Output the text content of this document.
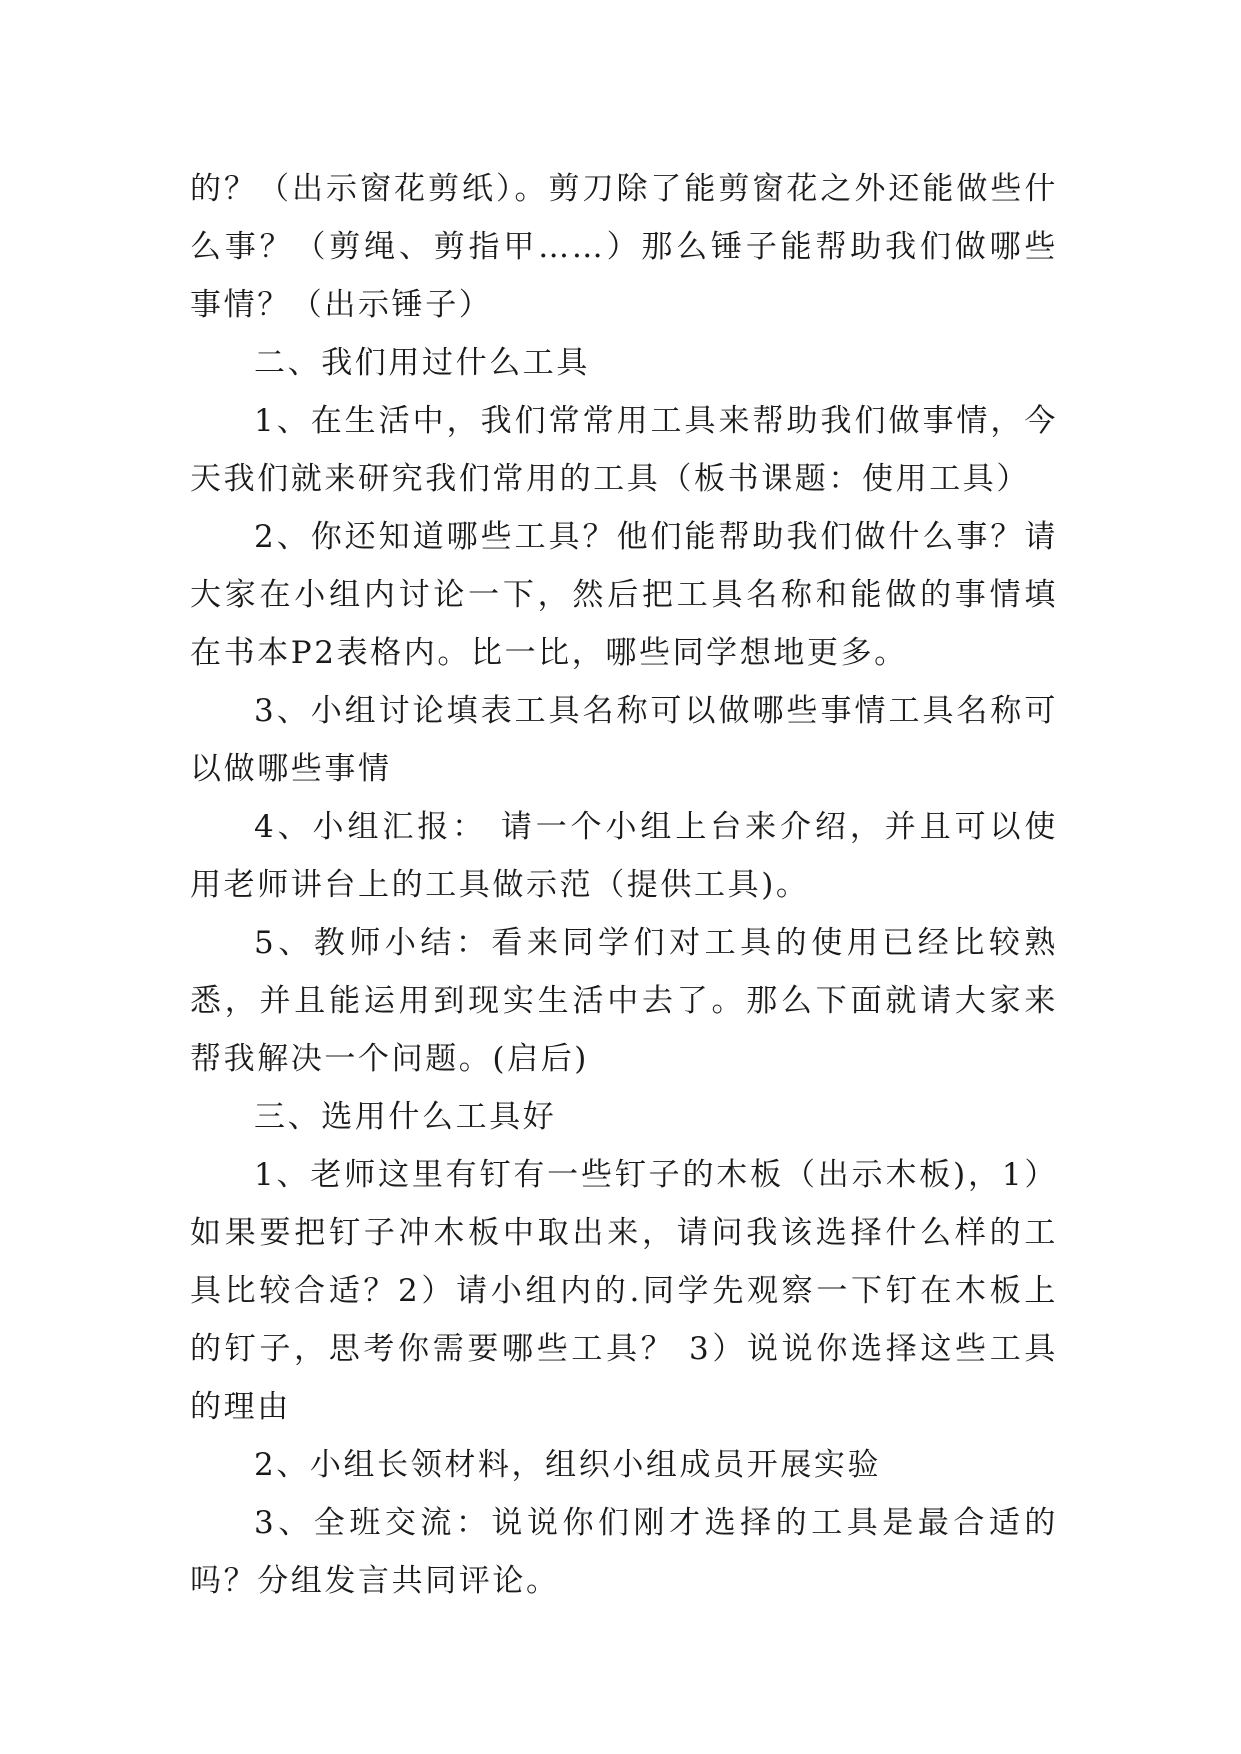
的？（出示窗花剪纸）。剪刀除了能剪窗花之外还能做些什么事？（剪绳、剪指甲……）那么锤子能帮助我们做哪些事情？（出示锤子）

二、我们用过什么工具

1、在生活中，我们常常用工具来帮助我们做事情，今天我们就来研究我们常用的工具（板书课题：使用工具）

2、你还知道哪些工具？他们能帮助我们做什么事？请大家在小组内讨论一下，然后把工具名称和能做的事情填在书本P2表格内。比一比，哪些同学想地更多。

3、小组讨论填表工具名称可以做哪些事情工具名称可以做哪些事情

4、小组汇报： 请一个小组上台来介绍，并且可以使用老师讲台上的工具做示范（提供工具)。

5、教师小结：看来同学们对工具的使用已经比较熟悉，并且能运用到现实生活中去了。那么下面就请大家来帮我解决一个问题。(启后)

三、选用什么工具好

1、老师这里有钉有一些钉子的木板（出示木板)，1）如果要把钉子冲木板中取出来，请问我该选择什么样的工具比较合适？2）请小组内的.同学先观察一下钉在木板上的钉子，思考你需要哪些工具？ 3）说说你选择这些工具的理由

2、小组长领材料，组织小组成员开展实验

3、全班交流：说说你们刚才选择的工具是最合适的吗？分组发言共同评论。
